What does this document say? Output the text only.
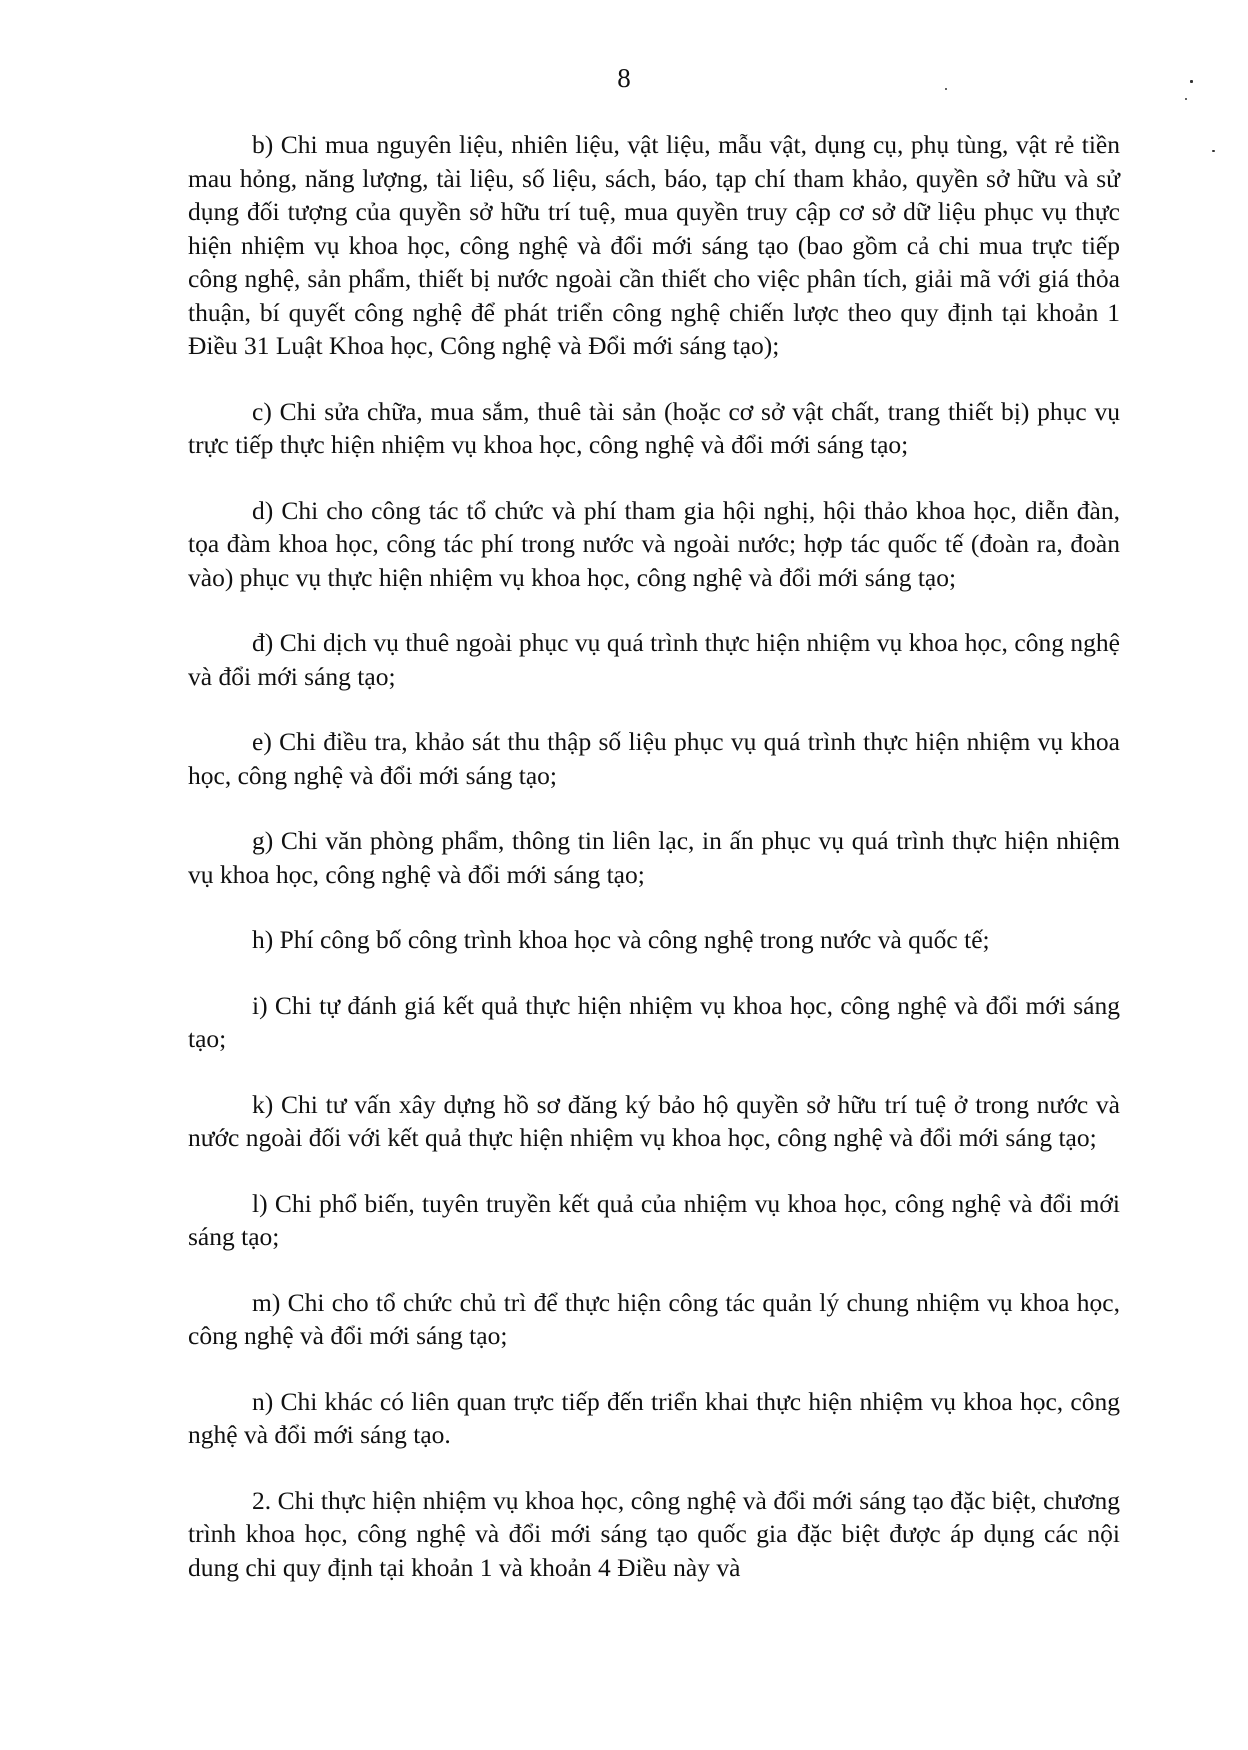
8

b) Chi mua nguyên liệu, nhiên liệu, vật liệu, mẫu vật, dụng cụ, phụ tùng, vật rẻ tiền mau hỏng, năng lượng, tài liệu, số liệu, sách, báo, tạp chí tham khảo, quyền sở hữu và sử dụng đối tượng của quyền sở hữu trí tuệ, mua quyền truy cập cơ sở dữ liệu phục vụ thực hiện nhiệm vụ khoa học, công nghệ và đổi mới sáng tạo (bao gồm cả chi mua trực tiếp công nghệ, sản phẩm, thiết bị nước ngoài cần thiết cho việc phân tích, giải mã với giá thỏa thuận, bí quyết công nghệ để phát triển công nghệ chiến lược theo quy định tại khoản 1 Điều 31 Luật Khoa học, Công nghệ và Đổi mới sáng tạo);

c) Chi sửa chữa, mua sắm, thuê tài sản (hoặc cơ sở vật chất, trang thiết bị) phục vụ trực tiếp thực hiện nhiệm vụ khoa học, công nghệ và đổi mới sáng tạo;

d) Chi cho công tác tổ chức và phí tham gia hội nghị, hội thảo khoa học, diễn đàn, tọa đàm khoa học, công tác phí trong nước và ngoài nước; hợp tác quốc tế (đoàn ra, đoàn vào) phục vụ thực hiện nhiệm vụ khoa học, công nghệ và đổi mới sáng tạo;

đ) Chi dịch vụ thuê ngoài phục vụ quá trình thực hiện nhiệm vụ khoa học, công nghệ và đổi mới sáng tạo;

e) Chi điều tra, khảo sát thu thập số liệu phục vụ quá trình thực hiện nhiệm vụ khoa học, công nghệ và đổi mới sáng tạo;

g) Chi văn phòng phẩm, thông tin liên lạc, in ấn phục vụ quá trình thực hiện nhiệm vụ khoa học, công nghệ và đổi mới sáng tạo;

h) Phí công bố công trình khoa học và công nghệ trong nước và quốc tế;

i) Chi tự đánh giá kết quả thực hiện nhiệm vụ khoa học, công nghệ và đổi mới sáng tạo;

k) Chi tư vấn xây dựng hồ sơ đăng ký bảo hộ quyền sở hữu trí tuệ ở trong nước và nước ngoài đối với kết quả thực hiện nhiệm vụ khoa học, công nghệ và đổi mới sáng tạo;

l) Chi phổ biến, tuyên truyền kết quả của nhiệm vụ khoa học, công nghệ và đổi mới sáng tạo;

m) Chi cho tổ chức chủ trì để thực hiện công tác quản lý chung nhiệm vụ khoa học, công nghệ và đổi mới sáng tạo;

n) Chi khác có liên quan trực tiếp đến triển khai thực hiện nhiệm vụ khoa học, công nghệ và đổi mới sáng tạo.

2. Chi thực hiện nhiệm vụ khoa học, công nghệ và đổi mới sáng tạo đặc biệt, chương trình khoa học, công nghệ và đổi mới sáng tạo quốc gia đặc biệt được áp dụng các nội dung chi quy định tại khoản 1 và khoản 4 Điều này và
